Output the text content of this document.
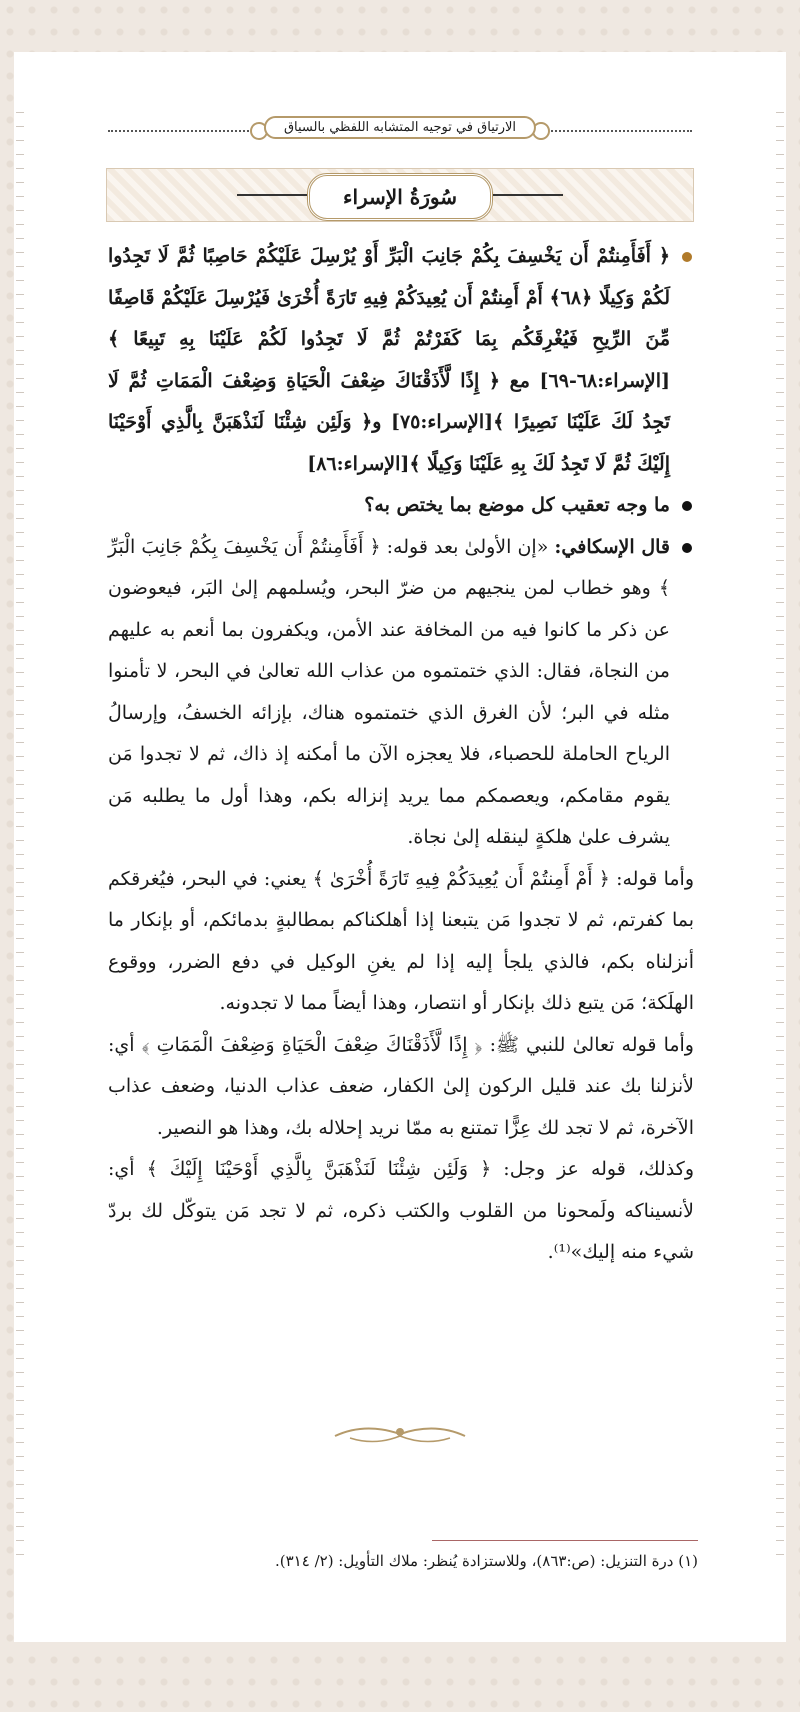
الارتياق في توجيه المتشابه اللفظي بالسياق
سُورَةُ الإسراء

﴿ أَفَأَمِنتُمْ أَن يَخْسِفَ بِكُمْ جَانِبَ الْبَرِّ أَوْ يُرْسِلَ عَلَيْكُمْ حَاصِبًا ثُمَّ لَا تَجِدُوا لَكُمْ وَكِيلًا ﴿٦٨﴾ أَمْ أَمِنتُمْ أَن يُعِيدَكُمْ فِيهِ تَارَةً أُخْرَىٰ فَيُرْسِلَ عَلَيْكُمْ قَاصِفًا مِّنَ الرِّيحِ فَيُغْرِقَكُم بِمَا كَفَرْتُمْ ثُمَّ لَا تَجِدُوا لَكُمْ عَلَيْنَا بِهِ تَبِيعًا ﴾ [الإسراء:٦٨-٦٩] مع ﴿ إِذًا لَّأَذَقْنَاكَ ضِعْفَ الْحَيَاةِ وَضِعْفَ الْمَمَاتِ ثُمَّ لَا تَجِدُ لَكَ عَلَيْنَا نَصِيرًا ﴾[الإسراء:٧٥] و﴿ وَلَئِن شِئْنَا لَنَذْهَبَنَّ بِالَّذِي أَوْحَيْنَا إِلَيْكَ ثُمَّ لَا تَجِدُ لَكَ بِهِ عَلَيْنَا وَكِيلًا ﴾[الإسراء:٨٦]

ما وجه تعقيب كل موضع بما يختص به؟

قال الإسكافي: «إن الأولىٰ بعد قوله: ﴿ أَفَأَمِنتُمْ أَن يَخْسِفَ بِكُمْ جَانِبَ الْبَرِّ ﴾ وهو خطاب لمن ينجيهم من ضرّ البحر، ويُسلمهم إلىٰ البَر، فيعوضون عن ذكر ما كانوا فيه من المخافة عند الأمن، ويكفرون بما أنعم به عليهم من النجاة، فقال: الذي ختمتموه من عذاب الله تعالىٰ في البحر، لا تأمنوا مثله في البر؛ لأن الغرق الذي ختمتموه هناك، بإزائه الخسفُ، وإرسالُ الرياح الحاملة للحصباء، فلا يعجزه الآن ما أمكنه إذ ذاك، ثم لا تجدوا مَن يقوم مقامكم، ويعصمكم مما يريد إنزاله بكم، وهذا أول ما يطلبه مَن يشرف علىٰ هلكةٍ لينقله إلىٰ نجاة.

وأما قوله: ﴿ أَمْ أَمِنتُمْ أَن يُعِيدَكُمْ فِيهِ تَارَةً أُخْرَىٰ ﴾ يعني: في البحر، فيُغرقكم بما كفرتم، ثم لا تجدوا مَن يتبعنا إذا أهلكناكم بمطالبةٍ بدمائكم، أو بإنكار ما أنزلناه بكم، فالذي يلجأ إليه إذا لم يغنِ الوكيل في دفع الضرر، ووقوع الهلَكة؛ مَن يتبع ذلك بإنكار أو انتصار، وهذا أيضاً مما لا تجدونه.

وأما قوله تعالىٰ للنبي ﷺ: ﴿ إِذًا لَّأَذَقْنَاكَ ضِعْفَ الْحَيَاةِ وَضِعْفَ الْمَمَاتِ ﴾ أي: لأنزلنا بك عند قليل الركون إلىٰ الكفار، ضعف عذاب الدنيا، وضعف عذاب الآخرة، ثم لا تجد لك عِزًّا تمتنع به ممّا نريد إحلاله بك، وهذا هو النصير.

وكذلك، قوله عز وجل: ﴿ وَلَئِن شِئْنَا لَنَذْهَبَنَّ بِالَّذِي أَوْحَيْنَا إِلَيْكَ ﴾ أي: لأنسيناكه ولَمحونا من القلوب والكتب ذكره، ثم لا تجد مَن يتوكّل لك بردّ شيء منه إليك»⁽¹⁾.

(١) درة التنزيل: (ص:٨٦٣)، وللاستزادة يُنظر: ملاك التأويل: (٢/ ٣١٤).
